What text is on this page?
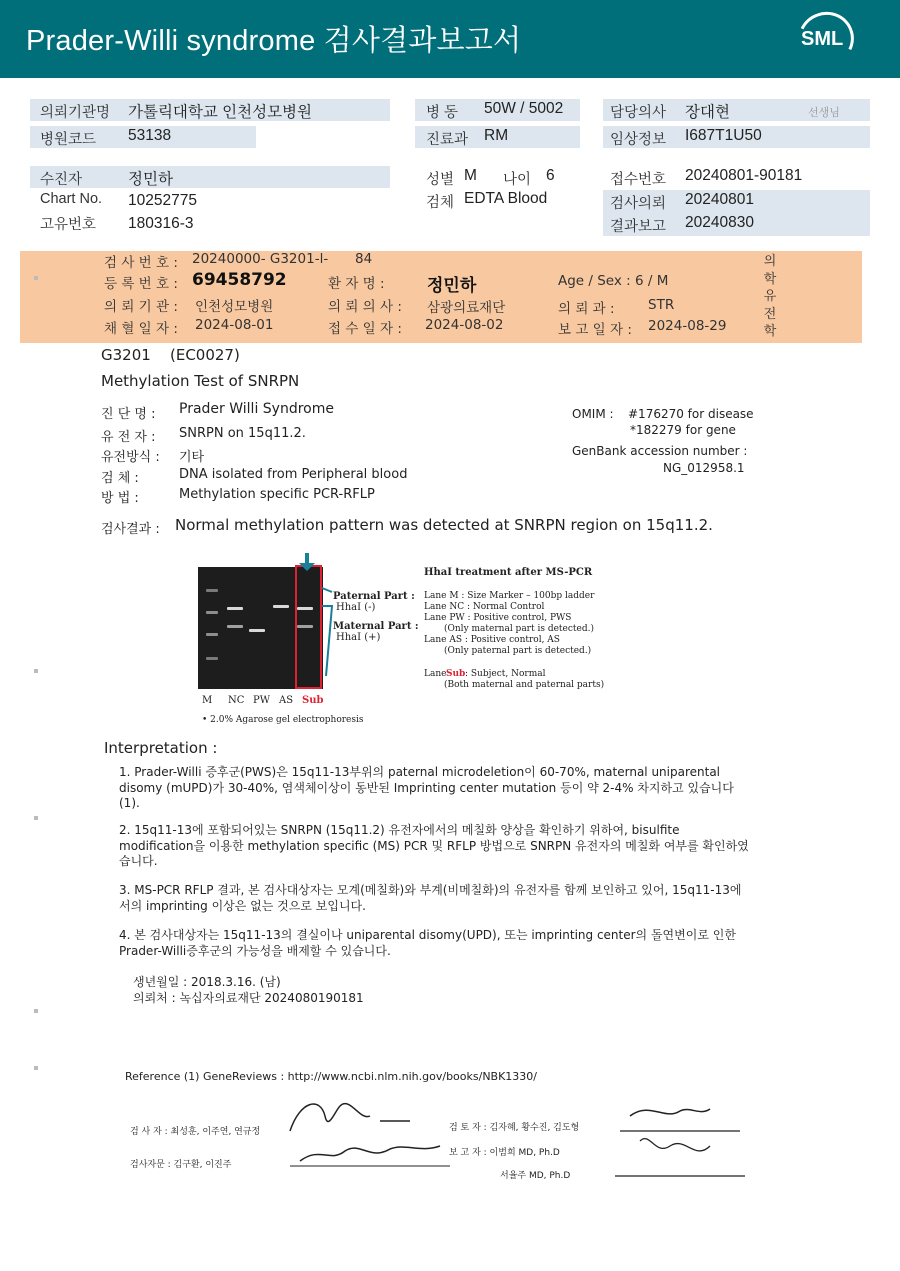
Prader-Willi syndrome 검사결과보고서	SML
의뢰기관명 가톨릭대학교 인천성모병원
병원코드 53138
병 동 50W / 5002
진료과 RM
담당의사 장대현	선생님
임상정보 I687T1U50
수진자	정민하
Chart No. 10252775
고유번호 180316-3
성별 M 나이 6
검체 EDTA Blood
접수번호 20240801-90181
검사의뢰 20240801
결과보고 20240830
검 사 번 호 : 20240000- G3201-l- 84
등 록 번 호 : 69458792	환 자 명 : 정민하	Age / Sex : 6 / M
의 뢰 기 관 : 인천성모병원	의 뢰 의 사 : 삼광의료재단	의 뢰 과 : STR
채 혈 일 자 : 2024-08-01	접 수 일 자 : 2024-08-02	보 고 일 자 : 2024-08-29
의학유전학
G3201 (EC0027)
Methylation Test of SNRPN
진 단 명 : Prader Willi Syndrome
유 전 자 : SNRPN on 15q11.2.
유전방식 : 기타
검 체 :	DNA isolated from Peripheral blood
방 법 :	Methylation specific PCR-RFLP
OMIM : #176270 for disease
*182279 for gene
GenBank accession number :
NG_012958.1
검사결과 : Normal methylation pattern was detected at SNRPN region on 15q11.2.
M NC PW AS Sub
Paternal Part :
HhaI (-)
Maternal Part :
HhaI (+)
• 2.0% Agarose gel electrophoresis
HhaI treatment after MS-PCR
Lane M : Size Marker – 100bp ladder
Lane NC : Normal Control
Lane PW : Positive control, PWS
(Only maternal part is detected.)
Lane AS : Positive control, AS
(Only paternal part is detected.)
Lane Sub : Subject, Normal
(Both maternal and paternal parts)
Interpretation :
1. Prader-Willi 증후군(PWS)은 15q11-13부위의 paternal microdeletion이 60-70%, maternal uniparental disomy (mUPD)가 30-40%, 염색체이상이 동반된 Imprinting center mutation 등이 약 2-4% 차지하고 있습니다 (1).
2. 15q11-13에 포함되어있는 SNRPN (15q11.2) 유전자에서의 메칠화 양상을 확인하기 위하여, bisulfite modification을 이용한 methylation specific (MS) PCR 및 RFLP 방법으로 SNRPN 유전자의 메칠화 여부를 확인하였습니다.
3. MS-PCR RFLP 결과, 본 검사대상자는 모계(메칠화)와 부계(비메칠화)의 유전자를 함께 보인하고 있어, 15q11-13에서의 imprinting 이상은 없는 것으로 보입니다.
4. 본 검사대상자는 15q11-13의 결실이나 uniparental disomy(UPD), 또는 imprinting center의 돌연변이로 인한 Prader-Willi증후군의 가능성을 배제할 수 있습니다.
생년월일 : 2018.3.16. (남)
의뢰처 : 녹십자의료재단 2024080190181
Reference (1) GeneReviews : http://www.ncbi.nlm.nih.gov/books/NBK1330/
검 사 자 : 최성훈, 이주연, 연규정
검사자문 : 김구환, 이진주
검 토 자 : 김자혜, 황수진, 김도형
보 고 자 : 이범희 MD, Ph.D
서율주 MD, Ph.D
